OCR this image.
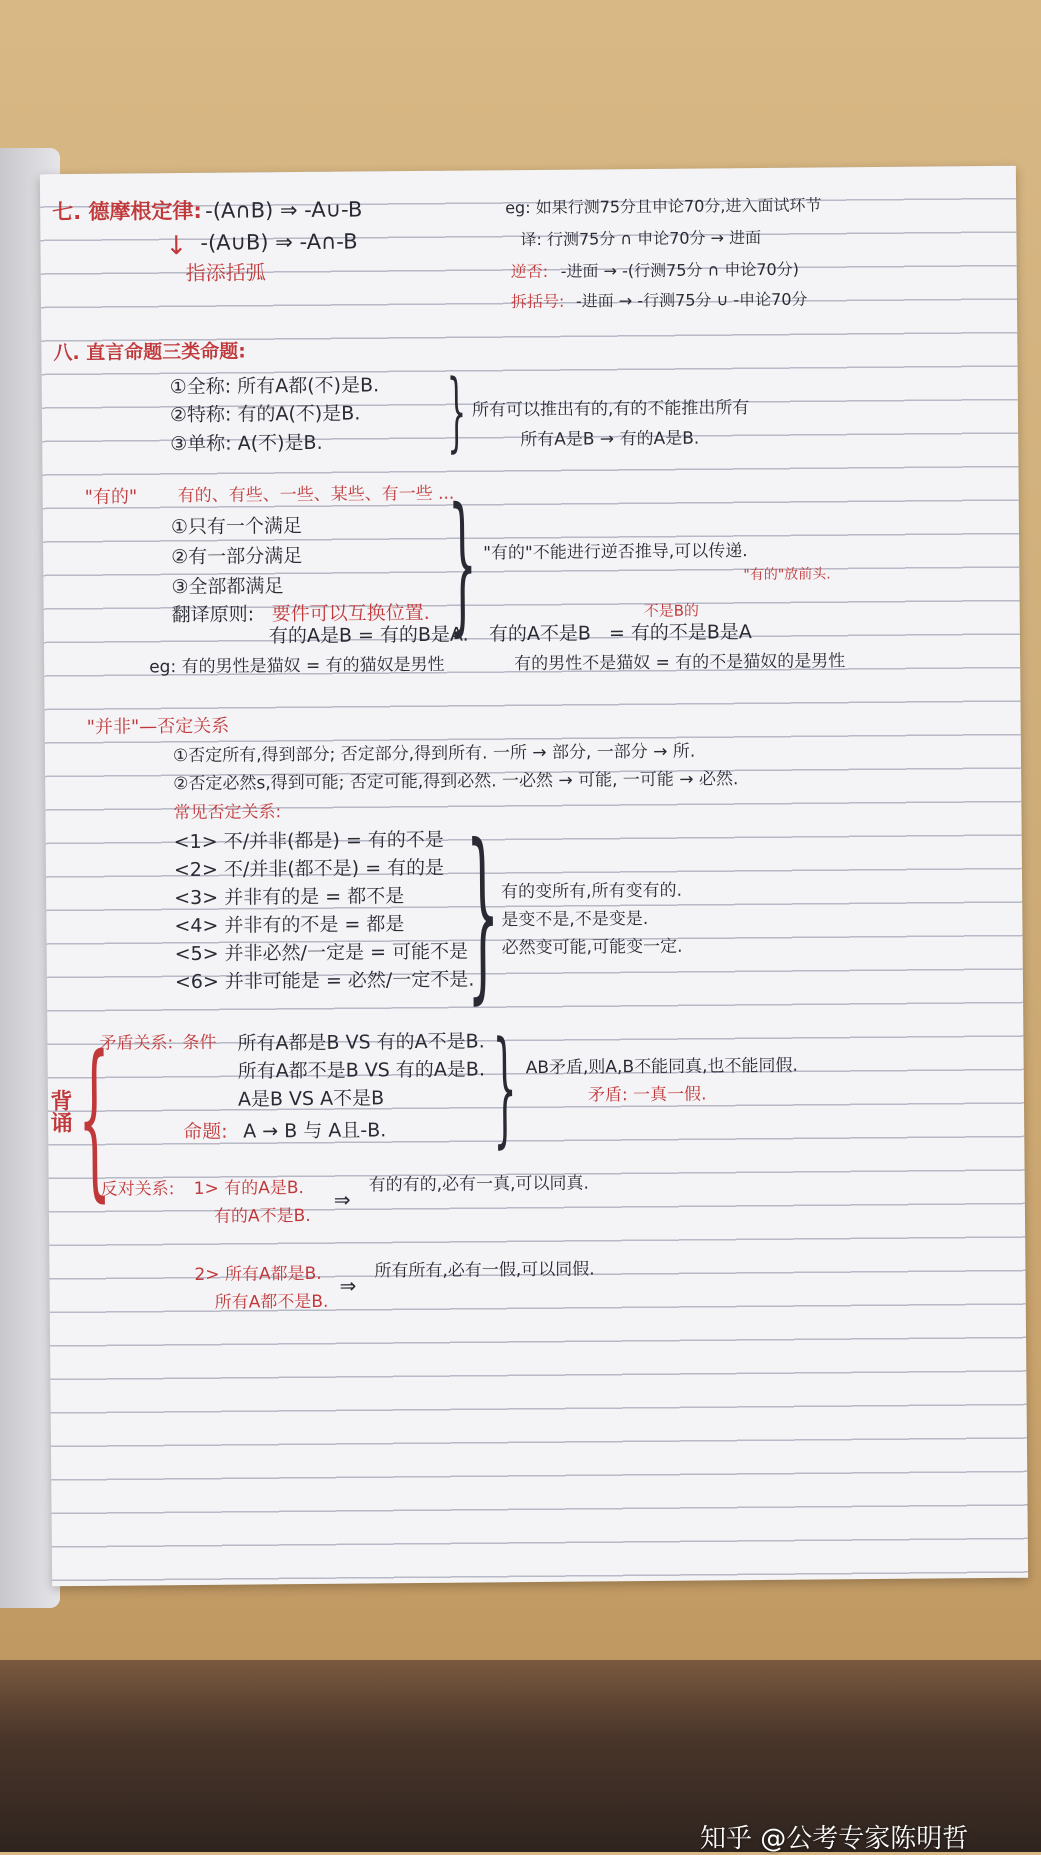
七. 德摩根定律: -(A∩B) ⇒ -A∪-B
-(A∪B) ⇒ -A∩-B
↓
指添括弧
eg: 如果行测75分且申论70分,进入面试环节
译: 行测75分 ∩ 申论70分 → 进面
逆否: -进面 → -(行测75分 ∩ 申论70分)
拆括号: -进面 → -行测75分 ∪ -申论70分
八. 直言命题三类命题:
①全称: 所有A都(不)是B.
②特称: 有的A(不)是B.
③单称: A(不)是B. } 所有可以推出有的,有的不能推出所有
所有A是B → 有的A是B.
"有的" 有的、有些、一些、某些、有一些 ...
①只有一个满足
②有一部分满足
③全部都满足
翻译原则: 要件可以互换位置. } "有的"不能进行逆否推导,可以传递.
"有的"放前头.
不是B的
有的A是B = 有的B是A. 有的A不是B = 有的不是B是A
eg: 有的男性是猫奴 = 有的猫奴是男性	有的男性不是猫奴 = 有的不是猫奴的是男性
"并非"—否定关系
①否定所有,得到部分; 否定部分,得到所有. 一所 → 部分, 一部分 → 所.
②否定必然s,得到可能; 否定可能,得到必然. 一必然 → 可能, 一可能 → 必然.
常见否定关系:
<1> 不/并非(都是) = 有的不是
<2> 不/并非(都不是) = 有的是
<3> 并非有的是 = 都不是
<4> 并非有的不是 = 都是
<5> 并非必然/一定是 = 可能不是
<6> 并非可能是 = 必然/一定不是.
} 有的变所有,所有变有的.
是变不是,不是变是.
必然变可能,可能变一定.
{
背诵
矛盾关系: 条件 所有A都是B VS 有的A不是B.
所有A都不是B VS 有的A是B.
A是B VS A不是B
命题: A → B 与 A且-B. } AB矛盾,则A,B不能同真,也不能同假.
矛盾: 一真一假.
反对关系: 1> 有的A是B.
有的A不是B.
⇒
有的有的,必有一真,可以同真.
2> 所有A都是B.
所有A都不是B.
⇒
所有所有,必有一假,可以同假.
知乎 @公考专家陈明哲
